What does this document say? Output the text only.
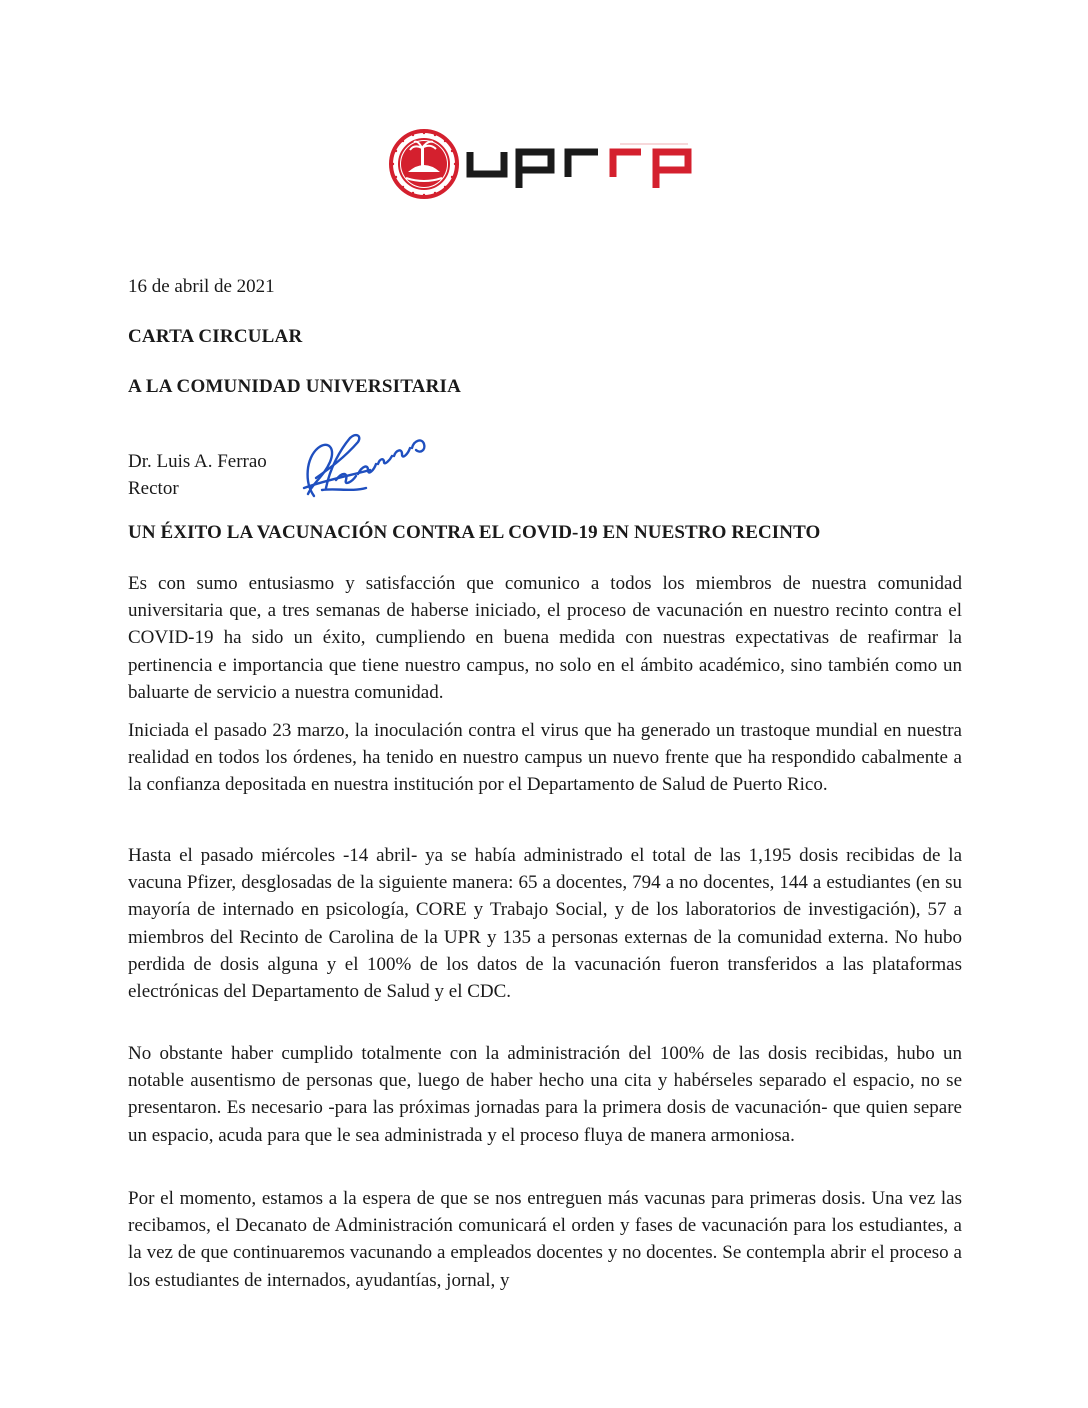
16 de abril de 2021
CARTA CIRCULAR
A LA COMUNIDAD UNIVERSITARIA
Dr. Luis A. Ferrao
Rector
UN ÉXITO LA VACUNACIÓN CONTRA EL COVID-19 EN NUESTRO RECINTO

Es con sumo entusiasmo y satisfacción que comunico a todos los miembros de nuestra comunidad universitaria que, a tres semanas de haberse iniciado, el proceso de vacunación en nuestro recinto contra el COVID-19 ha sido un éxito, cumpliendo en buena medida con nuestras expectativas de reafirmar la pertinencia e importancia que tiene nuestro campus, no solo en el ámbito académico, sino también como un baluarte de servicio a nuestra comunidad.

Iniciada el pasado 23 marzo, la inoculación contra el virus que ha generado un trastoque mundial en nuestra realidad en todos los órdenes, ha tenido en nuestro campus un nuevo frente que ha respondido cabalmente a la confianza depositada en nuestra institución por el Departamento de Salud de Puerto Rico.

Hasta el pasado miércoles -14 abril- ya se había administrado el total de las 1,195 dosis recibidas de la vacuna Pfizer, desglosadas de la siguiente manera: 65 a docentes, 794 a no docentes, 144 a estudiantes (en su mayoría de internado en psicología, CORE y Trabajo Social, y de los laboratorios de investigación), 57 a miembros del Recinto de Carolina de la UPR y 135 a personas externas de la comunidad externa. No hubo perdida de dosis alguna y el 100% de los datos de la vacunación fueron transferidos a las plataformas electrónicas del Departamento de Salud y el CDC.

No obstante haber cumplido totalmente con la administración del 100% de las dosis recibidas, hubo un notable ausentismo de personas que, luego de haber hecho una cita y habérseles separado el espacio, no se presentaron. Es necesario -para las próximas jornadas para la primera dosis de vacunación- que quien separe un espacio, acuda para que le sea administrada y el proceso fluya de manera armoniosa.

Por el momento, estamos a la espera de que se nos entreguen más vacunas para primeras dosis. Una vez las recibamos, el Decanato de Administración comunicará el orden y fases de vacunación para los estudiantes, a la vez de que continuaremos vacunando a empleados docentes y no docentes. Se contempla abrir el proceso a los estudiantes de internados, ayudantías, jornal, y
